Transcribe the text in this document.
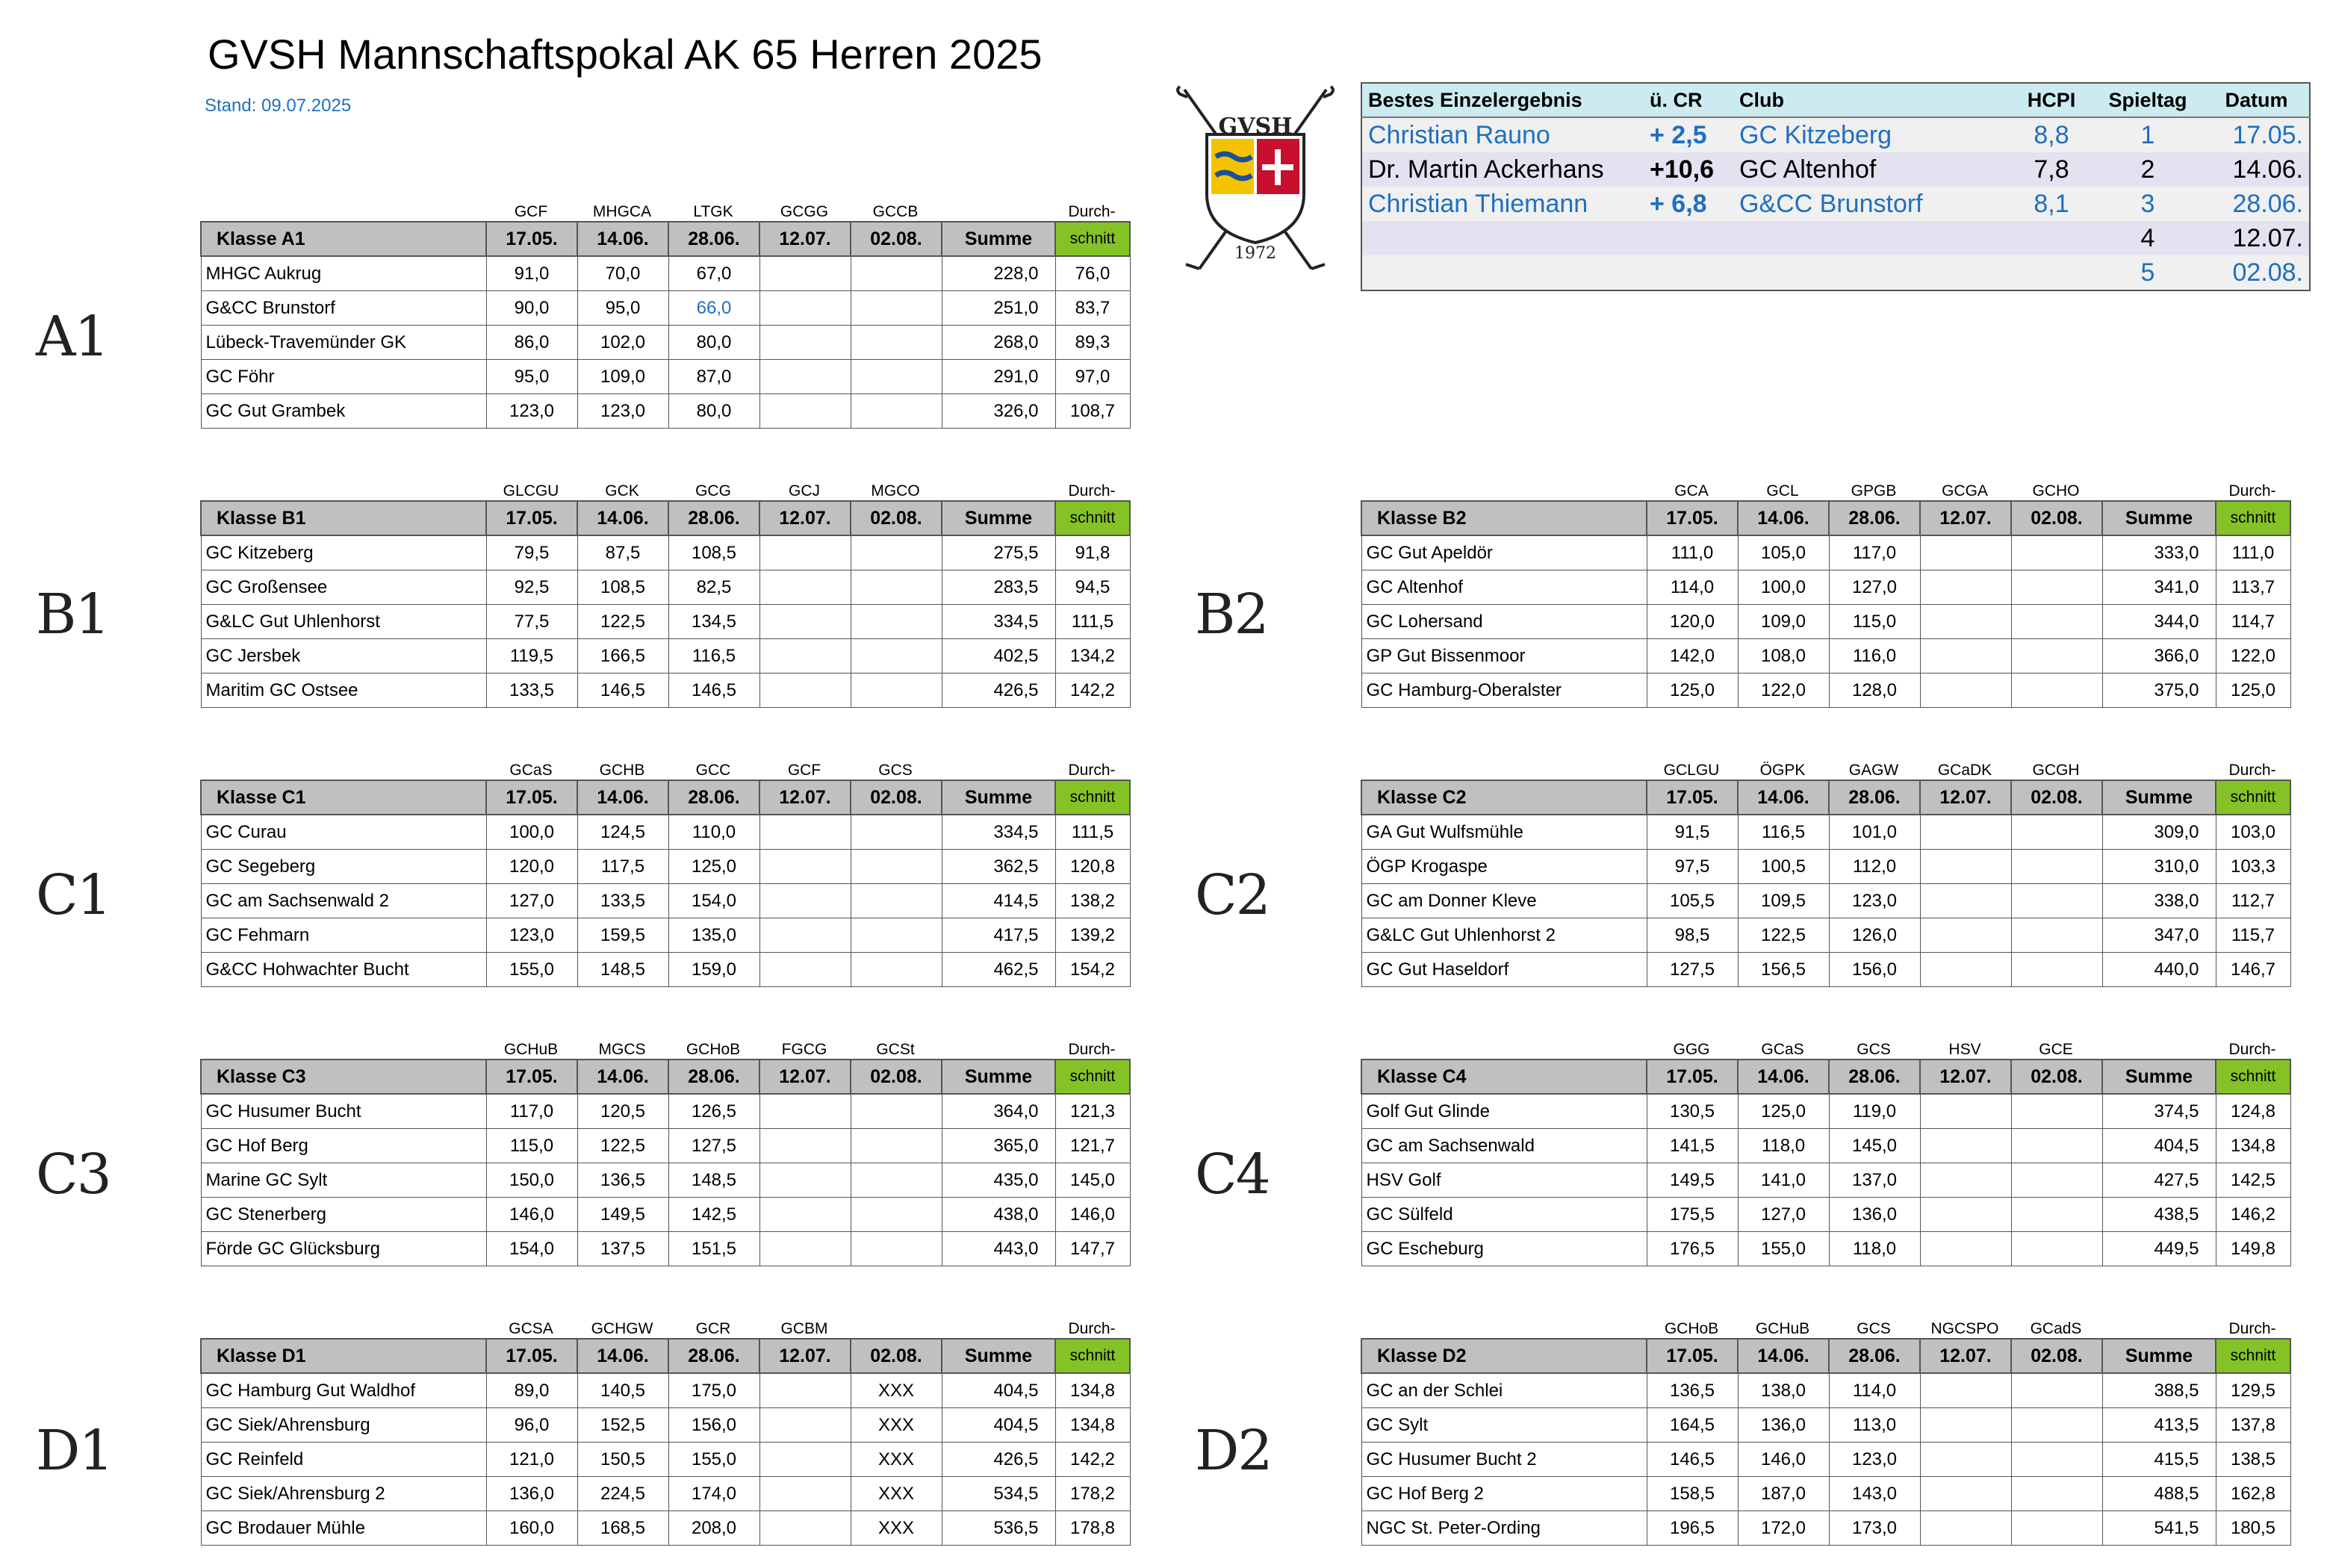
GVSH Mannschaftspokal AK 65 Herren 2025
Stand: 09.07.2025
GVSH
1972
Bestes Einzelergebnis	ü. CR	Club	HCPI	Spieltag	Datum
Christian Rauno	+ 2,5	GC Kitzeberg	8,8	1	17.05.
Dr. Martin Ackerhans	+10,6	GC Altenhof	7,8	2	14.06.
Christian Thiemann	+ 6,8	G&CC Brunstorf	8,1	3	28.06.
				4	12.07.
				5	02.08.
GCF	MHGCA	LTGK	GCGG	GCCB	Durch-
Klasse A1	17.05.	14.06.	28.06.	12.07.	02.08.	Summe	schnitt
MHGC Aukrug	91,0	70,0	67,0			228,0	76,0
G&CC Brunstorf	90,0	95,0	66,0			251,0	83,7
Lübeck-Travemünder GK	86,0	102,0	80,0			268,0	89,3
GC Föhr	95,0	109,0	87,0			291,0	97,0
GC Gut Grambek	123,0	123,0	80,0			326,0	108,7
A1
GLCGU	GCK	GCG	GCJ	MGCO	Durch-
Klasse B1	17.05.	14.06.	28.06.	12.07.	02.08.	Summe	schnitt
GC Kitzeberg	79,5	87,5	108,5			275,5	91,8
GC Großensee	92,5	108,5	82,5			283,5	94,5
G&LC Gut Uhlenhorst	77,5	122,5	134,5			334,5	111,5
GC Jersbek	119,5	166,5	116,5			402,5	134,2
Maritim GC Ostsee	133,5	146,5	146,5			426,5	142,2
B1
GCA	GCL	GPGB	GCGA	GCHO	Durch-
Klasse B2	17.05.	14.06.	28.06.	12.07.	02.08.	Summe	schnitt
GC Gut Apeldör	111,0	105,0	117,0			333,0	111,0
GC Altenhof	114,0	100,0	127,0			341,0	113,7
GC Lohersand	120,0	109,0	115,0			344,0	114,7
GP Gut Bissenmoor	142,0	108,0	116,0			366,0	122,0
GC Hamburg-Oberalster	125,0	122,0	128,0			375,0	125,0
B2
GCaS	GCHB	GCC	GCF	GCS	Durch-
Klasse C1	17.05.	14.06.	28.06.	12.07.	02.08.	Summe	schnitt
GC Curau	100,0	124,5	110,0			334,5	111,5
GC Segeberg	120,0	117,5	125,0			362,5	120,8
GC am Sachsenwald 2	127,0	133,5	154,0			414,5	138,2
GC Fehmarn	123,0	159,5	135,0			417,5	139,2
G&CC Hohwachter Bucht	155,0	148,5	159,0			462,5	154,2
C1
GCLGU	ÖGPK	GAGW	GCaDK	GCGH	Durch-
Klasse C2	17.05.	14.06.	28.06.	12.07.	02.08.	Summe	schnitt
GA Gut Wulfsmühle	91,5	116,5	101,0			309,0	103,0
ÖGP Krogaspe	97,5	100,5	112,0			310,0	103,3
GC am Donner Kleve	105,5	109,5	123,0			338,0	112,7
G&LC Gut Uhlenhorst 2	98,5	122,5	126,0			347,0	115,7
GC Gut Haseldorf	127,5	156,5	156,0			440,0	146,7
C2
GCHuB	MGCS	GCHoB	FGCG	GCSt	Durch-
Klasse C3	17.05.	14.06.	28.06.	12.07.	02.08.	Summe	schnitt
GC Husumer Bucht	117,0	120,5	126,5			364,0	121,3
GC Hof Berg	115,0	122,5	127,5			365,0	121,7
Marine GC Sylt	150,0	136,5	148,5			435,0	145,0
GC Stenerberg	146,0	149,5	142,5			438,0	146,0
Förde GC Glücksburg	154,0	137,5	151,5			443,0	147,7
C3
GGG	GCaS	GCS	HSV	GCE	Durch-
Klasse C4	17.05.	14.06.	28.06.	12.07.	02.08.	Summe	schnitt
Golf Gut Glinde	130,5	125,0	119,0			374,5	124,8
GC am Sachsenwald	141,5	118,0	145,0			404,5	134,8
HSV Golf	149,5	141,0	137,0			427,5	142,5
GC Sülfeld	175,5	127,0	136,0			438,5	146,2
GC Escheburg	176,5	155,0	118,0			449,5	149,8
C4
GCSA	GCHGW	GCR	GCBM	Durch-
Klasse D1	17.05.	14.06.	28.06.	12.07.	02.08.	Summe	schnitt
GC Hamburg Gut Waldhof	89,0	140,5	175,0		XXX	404,5	134,8
GC Siek/Ahrensburg	96,0	152,5	156,0		XXX	404,5	134,8
GC Reinfeld	121,0	150,5	155,0		XXX	426,5	142,2
GC Siek/Ahrensburg 2	136,0	224,5	174,0		XXX	534,5	178,2
GC Brodauer Mühle	160,0	168,5	208,0		XXX	536,5	178,8
D1
GCHoB	GCHuB	GCS	NGCSPO	GCadS	Durch-
Klasse D2	17.05.	14.06.	28.06.	12.07.	02.08.	Summe	schnitt
GC an der Schlei	136,5	138,0	114,0			388,5	129,5
GC Sylt	164,5	136,0	113,0			413,5	137,8
GC Husumer Bucht 2	146,5	146,0	123,0			415,5	138,5
GC Hof Berg 2	158,5	187,0	143,0			488,5	162,8
NGC St. Peter-Ording	196,5	172,0	173,0			541,5	180,5
D2
